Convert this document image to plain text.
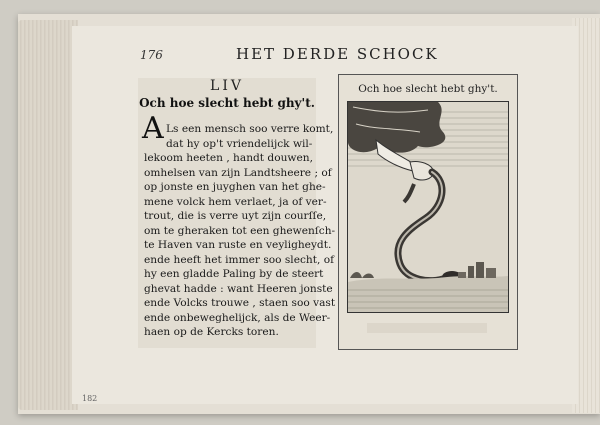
176	HET DERDE SCHOCK
LIV
Och hoe slecht hebt ghy't.
A Ls een mensch soo verre komt,
dat hy op't vriendelijck wil-
lekoom heeten , handt douwen,
omhelsen van zijn Landtsheere ; of
op jonste en juyghen van het ghe-
mene volck hem verlaet, ja of ver-
trout, die is verre uyt zijn courſſe,
om te gheraken tot een ghewenſch-
te Haven van ruste en veyligheydt.
ende heeft het immer soo slecht, of
hy een gladde Paling by de steert
ghevat hadde : want Heeren jonste
ende Volcks trouwe , staen soo vast
ende onbeweghelijck, als de Weer-
haen op de Kercks toren.
Och hoe slecht hebt ghy't.
182
